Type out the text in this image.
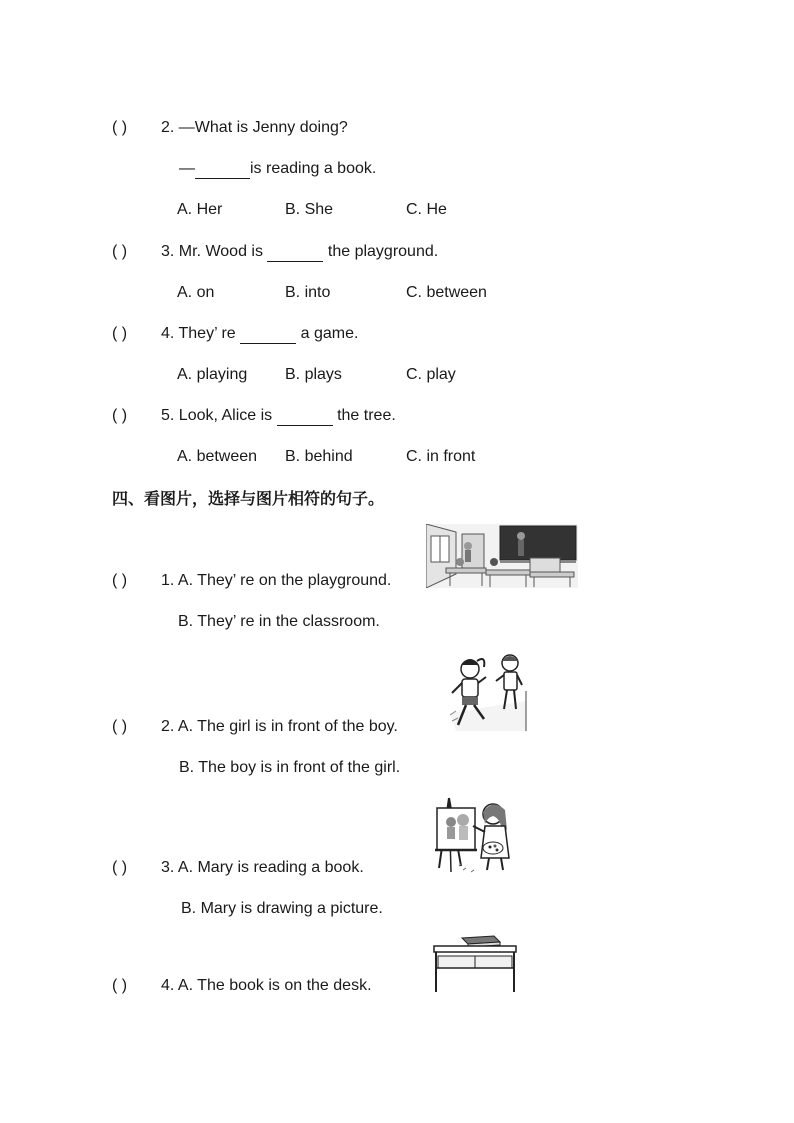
( ) 2. —What is Jenny doing?
—	is reading a book.
A. Her	B. She	C. He
( ) 3. Mr. Wood is	the playground.
A. on	B. into	C. between
( ) 4. They’ re	a game.
A. playing B. plays	C. play
( ) 5. Look, Alice is	the tree.
A. between B. behind	C. in front
四、看图片，选择与图片相符的句子。
( ) 1. A. They’ re on the playground.
B. They’ re in the classroom.
( ) 2. A. The girl is in front of the boy.
B. The boy is in front of the girl.
( ) 3. A. Mary is reading a book.
B. Mary is drawing a picture.
( ) 4. A. The book is on the desk.
